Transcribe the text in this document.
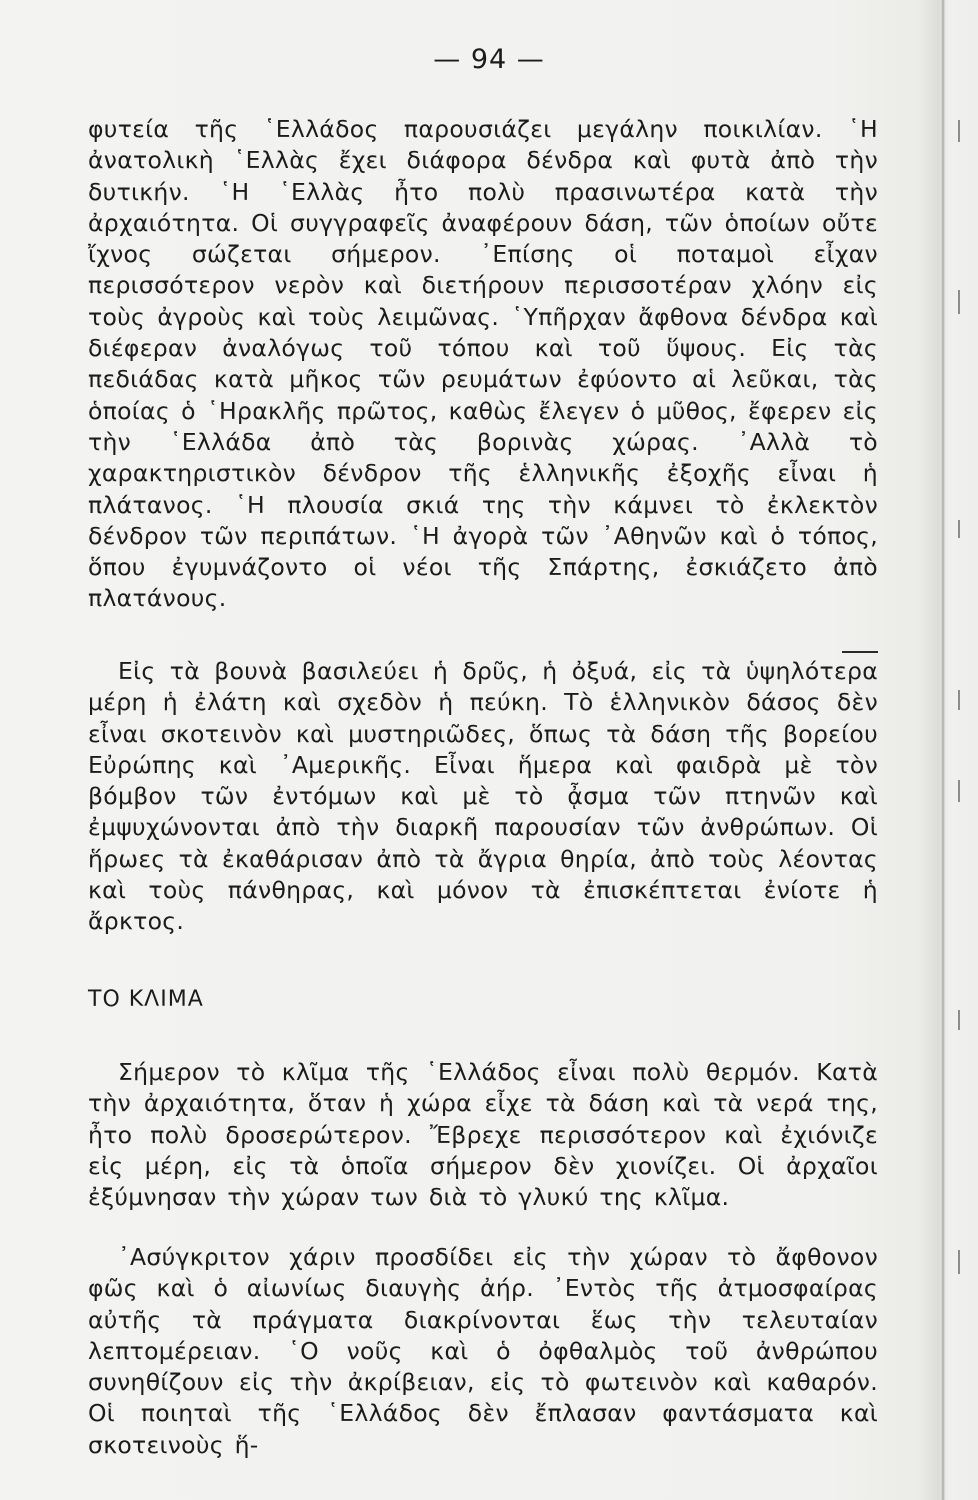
— 94 —

φυτεία τῆς ῾Ελλάδος παρουσιάζει μεγάλην ποικιλίαν. ῾Η ἀνατολικὴ ῾Ελλὰς ἔχει διάφορα δένδρα καὶ φυτὰ ἀπὸ τὴν δυτικήν. ῾Η ῾Ελλὰς ἦτο πολὺ πρασινωτέρα κατὰ τὴν ἀρχαιότητα. Οἱ συγγραφεῖς ἀναφέρουν δάση, τῶν ὁποίων οὔτε ἴχνος σώζεται σήμερον. ᾿Επίσης οἱ ποταμοὶ εἶχαν περισσότερον νερὸν καὶ διετήρουν περισσοτέραν χλόην εἰς τοὺς ἀγροὺς καὶ τοὺς λειμῶνας. ῾Υπῆρχαν ἄφθονα δένδρα καὶ διέφεραν ἀναλόγως τοῦ τόπου καὶ τοῦ ὕψους. Εἰς τὰς πεδιάδας κατὰ μῆκος τῶν ρευμάτων ἐφύοντο αἱ λεῦκαι, τὰς ὁποίας ὁ ῾Ηρακλῆς πρῶτος, καθὼς ἔλεγεν ὁ μῦθος, ἔφερεν εἰς τὴν ῾Ελλάδα ἀπὸ τὰς βορινὰς χώρας. ᾿Αλλὰ τὸ χαρακτηριστικὸν δένδρον τῆς ἑλληνικῆς ἐξοχῆς εἶναι ἡ πλάτανος. ῾Η πλουσία σκιά της τὴν κάμνει τὸ ἐκλεκτὸν δένδρον τῶν περιπάτων. ῾Η ἀγορὰ τῶν ᾿Αθηνῶν καὶ ὁ τόπος, ὅπου ἐγυμνάζοντο οἱ νέοι τῆς Σπάρτης, ἐσκιάζετο ἀπὸ πλατάνους.

Εἰς τὰ βουνὰ βασιλεύει ἡ δρῦς, ἡ ὀξυά, εἰς τὰ ὑψηλότερα μέρη ἡ ἐλάτη καὶ σχεδὸν ἡ πεύκη. Τὸ ἑλληνικὸν δάσος δὲν εἶναι σκοτεινὸν καὶ μυστηριῶδες, ὅπως τὰ δάση τῆς βορείου Εὐρώπης καὶ ᾿Αμερικῆς. Εἶναι ἥμερα καὶ φαιδρὰ μὲ τὸν βόμβον τῶν ἐντόμων καὶ μὲ τὸ ᾆσμα τῶν πτηνῶν καὶ ἐμψυχώνονται ἀπὸ τὴν διαρκῆ παρουσίαν τῶν ἀνθρώπων. Οἱ ἥρωες τὰ ἐκαθάρισαν ἀπὸ τὰ ἄγρια θηρία, ἀπὸ τοὺς λέοντας καὶ τοὺς πάνθηρας, καὶ μόνον τὰ ἐπισκέπτεται ἐνίοτε ἡ ἄρκτος.

ΤΟ ΚΛΙΜΑ

Σήμερον τὸ κλῖμα τῆς ῾Ελλάδος εἶναι πολὺ θερμόν. Κατὰ τὴν ἀρχαιότητα, ὅταν ἡ χώρα εἶχε τὰ δάση καὶ τὰ νερά της, ἦτο πολὺ δροσερώτερον. Ἔβρεχε περισσότερον καὶ ἐχιόνιζε εἰς μέρη, εἰς τὰ ὁποῖα σήμερον δὲν χιονίζει. Οἱ ἀρχαῖοι ἐξύμνησαν τὴν χώραν των διὰ τὸ γλυκύ της κλῖμα.

᾿Ασύγκριτον χάριν προσδίδει εἰς τὴν χώραν τὸ ἄφθονον φῶς καὶ ὁ αἰωνίως διαυγὴς ἀήρ. ᾿Εντὸς τῆς ἀτμοσφαίρας αὐτῆς τὰ πράγματα διακρίνονται ἕως τὴν τελευταίαν λεπτομέρειαν. ῾Ο νοῦς καὶ ὁ ὀφθαλμὸς τοῦ ἀνθρώπου συνηθίζουν εἰς τὴν ἀκρίβειαν, εἰς τὸ φωτεινὸν καὶ καθαρόν. Οἱ ποιηταὶ τῆς ῾Ελλάδος δὲν ἔπλασαν φαντάσματα καὶ σκοτεινοὺς ἥ-
